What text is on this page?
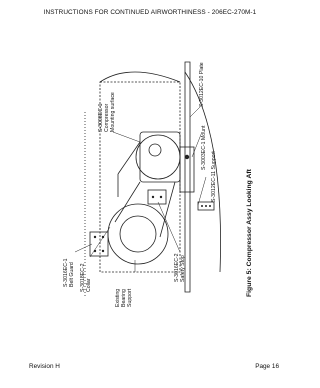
INSTRUCTIONS FOR CONTINUED AIRWORTHINESS - 206EC-270M-1
S-3008EC-1 Compressor Mounting surface
S-3012EC-10 Plate
S-3003EC-1 Mount
S-3012EC-11 Support
S-3016EC-2 Safety Stop
S-3016EC-1 Belt Guard S-3018EC-2 Collar
Existing Bearing Support
Figure 5: Compressor Assy Looking Aft
Revision H	Page 16
